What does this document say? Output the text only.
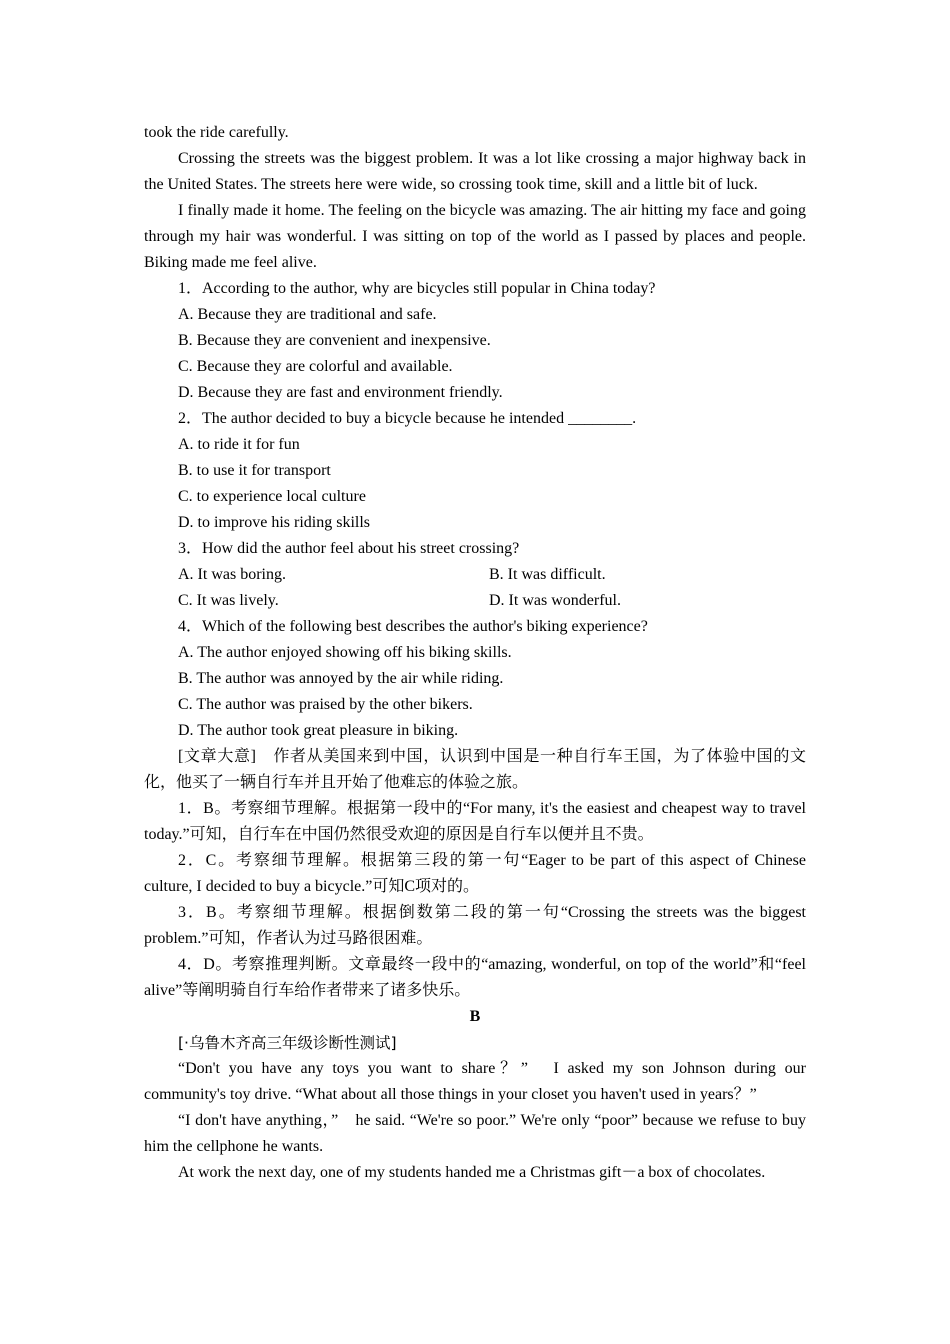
took the ride carefully.

Crossing the streets was the biggest problem. It was a lot like crossing a major highway back in the United States. The streets here were wide, so crossing took time, skill and a little bit of luck.

I finally made it home. The feeling on the bicycle was amazing. The air hitting my face and going through my hair was wonderful. I was sitting on top of the world as I passed by places and people. Biking made me feel alive.

1．According to the author, why are bicycles still popular in China today?

A. Because they are traditional and safe.

B. Because they are convenient and inexpensive.

C. Because they are colorful and available.

D. Because they are fast and environment friendly.

2．The author decided to buy a bicycle because he intended ________.

A. to ride it for fun

B. to use it for transport

C. to experience local culture

D. to improve his riding skills

3．How did the author feel about his street crossing?

A. It was boring.	B. It was difficult.
C. It was lively.	D. It was wonderful.

4．Which of the following best describes the author's biking experience?

A. The author enjoyed showing off his biking skills.

B. The author was annoyed by the air while riding.

C. The author was praised by the other bikers.

D. The author took great pleasure in biking.

[文章大意]　作者从美国来到中国，认识到中国是一种自行车王国，为了体验中国的文化，他买了一辆自行车并且开始了他难忘的体验之旅。

1．B。考察细节理解。根据第一段中的“For many, it's the easiest and cheapest way to travel today.”可知，自行车在中国仍然很受欢迎的原因是自行车以便并且不贵。

2．C。考察细节理解。根据第三段的第一句“Eager to be part of this aspect of Chinese culture, I decided to buy a bicycle.”可知C项对的。

3．B。考察细节理解。根据倒数第二段的第一句“Crossing the streets was the biggest problem.”可知，作者认为过马路很困难。

4．D。考察推理判断。文章最终一段中的“amazing, wonderful, on top of the world”和“feel alive”等阐明骑自行车给作者带来了诸多快乐。

B

[·乌鲁木齐高三年级诊断性测试]

“Don't you have any toys you want to share？”　I asked my son Johnson during our community's toy drive. “What about all those things in your closet you haven't used in years？”

“I don't have anything，”　he said. “We're so poor.” We're only “poor” because we refuse to buy him the cellphone he wants.

At work the next day, one of my students handed me a Christmas gift－a box of chocolates.
